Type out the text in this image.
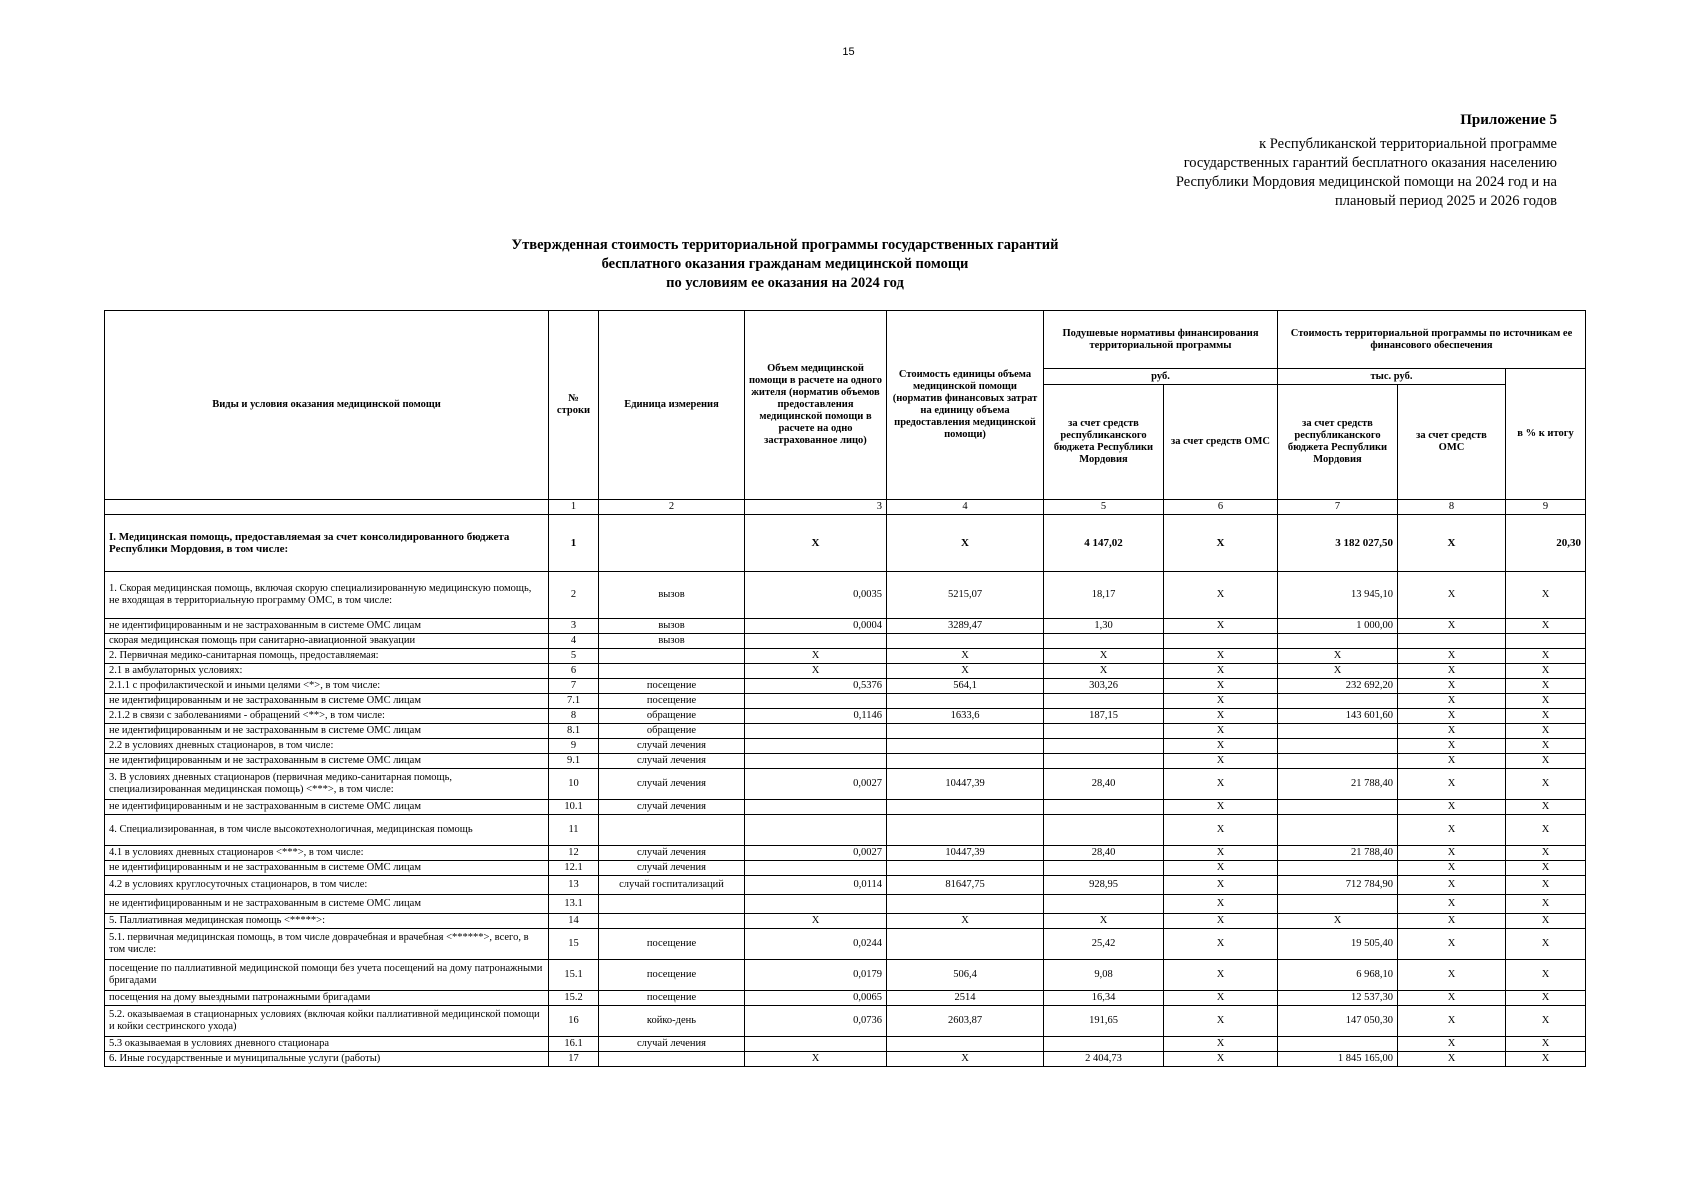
15
Приложение 5
к Республиканской территориальной программе
государственных гарантий бесплатного оказания населению
Республики Мордовия медицинской помощи на 2024 год и на
плановый период 2025 и 2026 годов
Утвержденная стоимость территориальной программы государственных гарантий
бесплатного оказания гражданам медицинской помощи
по условиям ее оказания на 2024 год
Виды и условия оказания медицинской помощи	№ строки	Единица измерения	Объем медицинской помощи в расчете на одного жителя (норматив объемов предоставления медицинской помощи в расчете на одно застрахованное лицо)	Стоимость единицы объема медицинской помощи (норматив финансовых затрат на единицу объема предоставления медицинской помощи)	Подушевые нормативы финансирования территориальной программы		Стоимость территориальной программы по источникам ее финансового обеспечения		
					руб.		тыс. руб.		в % к итогу
					за счет средств республиканского бюджета Республики Мордовия	за счет средств ОМС	за счет средств республиканского бюджета Республики Мордовия	за счет средств ОМС	
	1	2	3	4	5	6	7	8	9
I. Медицинская помощь, предоставляемая за счет консолидированного бюджета Республики Мордовия, в том числе:	1		X	X	4 147,02	X	3 182 027,50	X	20,30
1. Скорая медицинская помощь, включая скорую специализированную медицинскую помощь, не входящая в территориальную программу ОМС, в том числе:	2	вызов	0,0035	5215,07	18,17	X	13 945,10	X	X
не идентифицированным и не застрахованным в системе ОМС лицам	3	вызов	0,0004	3289,47	1,30	X	1 000,00	X	X
скорая медицинская помощь при санитарно-авиационной эвакуации	4	вызов							
2. Первичная медико-санитарная помощь, предоставляемая:	5		X	X	X	X	X	X	X
2.1 в амбулаторных условиях:	6		X	X	X	X	X	X	X
2.1.1 с профилактической и иными целями <*>, в том числе:	7	посещение	0,5376	564,1	303,26	X	232 692,20	X	X
не идентифицированным и не застрахованным в системе ОМС лицам	7.1	посещение				X		X	X
2.1.2 в связи с заболеваниями - обращений <**>, в том числе:	8	обращение	0,1146	1633,6	187,15	X	143 601,60	X	X
не идентифицированным и не застрахованным в системе ОМС лицам	8.1	обращение				X		X	X
2.2 в условиях дневных стационаров, в том числе:	9	случай лечения				X		X	X
не идентифицированным и не застрахованным в системе ОМС лицам	9.1	случай лечения				X		X	X
3. В условиях дневных стационаров (первичная медико-санитарная помощь, специализированная медицинская помощь) <***>, в том числе:	10	случай лечения	0,0027	10447,39	28,40	X	21 788,40	X	X
не идентифицированным и не застрахованным в системе ОМС лицам	10.1	случай лечения				X		X	X
4. Специализированная, в том числе высокотехнологичная, медицинская помощь	11					X		X	X
4.1 в условиях дневных стационаров <***>, в том числе:	12	случай лечения	0,0027	10447,39	28,40	X	21 788,40	X	X
не идентифицированным и не застрахованным в системе ОМС лицам	12.1	случай лечения				X		X	X
4.2 в условиях круглосуточных стационаров, в том числе:	13	случай госпитализаций	0,0114	81647,75	928,95	X	712 784,90	X	X
не идентифицированным и не застрахованным в системе ОМС лицам	13.1					X		X	X
5. Паллиативная медицинская помощь <*****>:	14		X	X	X	X	X	X	X
5.1. первичная медицинская помощь, в том числе доврачебная и врачебная <******>, всего, в том числе:	15	посещение	0,0244		25,42	X	19 505,40	X	X
посещение по паллиативной медицинской помощи без учета посещений на дому патронажными бригадами	15.1	посещение	0,0179	506,4	9,08	X	6 968,10	X	X
посещения на дому выездными патронажными бригадами	15.2	посещение	0,0065	2514	16,34	X	12 537,30	X	X
5.2. оказываемая в стационарных условиях (включая койки паллиативной медицинской помощи и койки сестринского ухода)	16	койко-день	0,0736	2603,87	191,65	X	147 050,30	X	X
5.3 оказываемая в условиях дневного стационара	16.1	случай лечения				X		X	X
6. Иные государственные и муниципальные услуги (работы)	17		X	X	2 404,73	X	1 845 165,00	X	X
